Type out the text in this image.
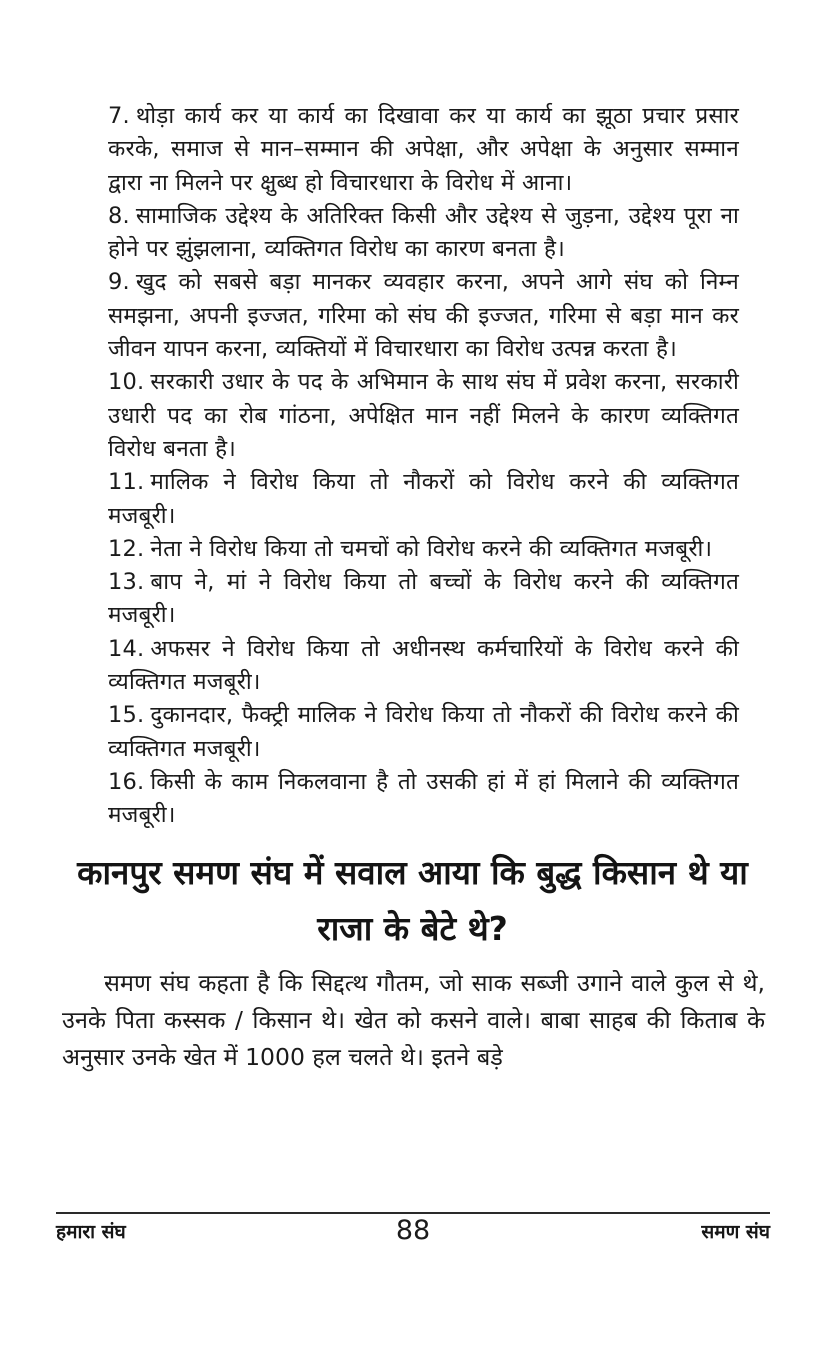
7. थोड़ा कार्य कर या कार्य का दिखावा कर या कार्य का झूठा प्रचार प्रसार करके, समाज से मान–सम्मान की अपेक्षा, और अपेक्षा के अनुसार सम्मान द्वारा ना मिलने पर क्षुब्ध हो विचारधारा के विरोध में आना।

8. सामाजिक उद्देश्य के अतिरिक्त किसी और उद्देश्य से जुड़ना, उद्देश्य पूरा ना होने पर झुंझलाना, व्यक्तिगत विरोध का कारण बनता है।

9. खुद को सबसे बड़ा मानकर व्यवहार करना, अपने आगे संघ को निम्न समझना, अपनी इज्जत, गरिमा को संघ की इज्जत, गरिमा से बड़ा मान कर जीवन यापन करना, व्यक्तियों में विचारधारा का विरोध उत्पन्न करता है।

10. सरकारी उधार के पद के अभिमान के साथ संघ में प्रवेश करना, सरकारी उधारी पद का रोब गांठना, अपेक्षित मान नहीं मिलने के कारण व्यक्तिगत विरोध बनता है।

11. मालिक ने विरोध किया तो नौकरों को विरोध करने की व्यक्तिगत मजबूरी।

12. नेता ने विरोध किया तो चमचों को विरोध करने की व्यक्तिगत मजबूरी।

13. बाप ने, मां ने विरोध किया तो बच्चों के विरोध करने की व्यक्तिगत मजबूरी।

14. अफसर ने विरोध किया तो अधीनस्थ कर्मचारियों के विरोध करने की व्यक्तिगत मजबूरी।

15. दुकानदार, फैक्ट्री मालिक ने विरोध किया तो नौकरों की विरोध करने की व्यक्तिगत मजबूरी।

16. किसी के काम निकलवाना है तो उसकी हां में हां मिलाने की व्यक्तिगत मजबूरी।

कानपुर समण संघ में सवाल आया कि बुद्ध किसान थे या राजा के बेटे थे?

समण संघ कहता है कि सिद्दत्थ गौतम, जो साक सब्जी उगाने वाले कुल से थे, उनके पिता कस्सक / किसान थे। खेत को कसने वाले। बाबा साहब की किताब के अनुसार उनके खेत में 1000 हल चलते थे। इतने बड़े

हमारा संघ	88	समण संघ
